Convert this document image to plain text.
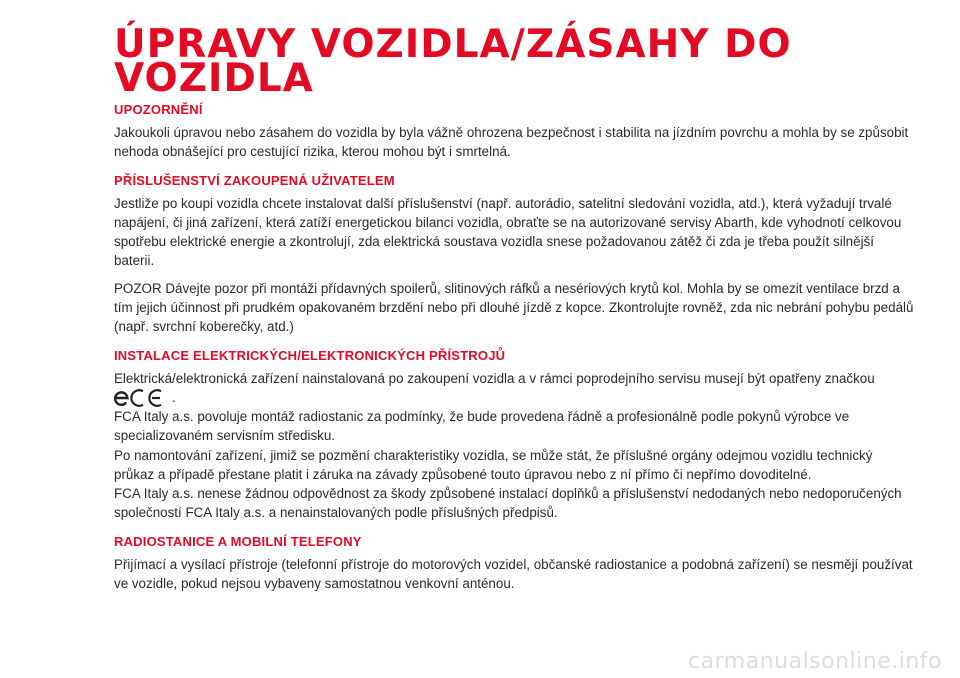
ÚPRAVY VOZIDLA/ZÁSAHY DO VOZIDLA
UPOZORNĚNÍ

Jakoukoli úpravou nebo zásahem do vozidla by byla vážně ohrozena bezpečnost i stabilita na jízdním povrchu a mohla by se způsobit nehoda obnášející pro cestující rizika, kterou mohou být i smrtelná.

PŘÍSLUŠENSTVÍ ZAKOUPENÁ UŽIVATELEM

Jestliže po koupi vozidla chcete instalovat další příslušenství (např. autorádio, satelitní sledování vozidla, atd.), která vyžadují trvalé napájení, či jiná zařízení, která zatíží energetickou bilanci vozidla, obraťte se na autorizované servisy Abarth, kde vyhodnotí celkovou spotřebu elektrické energie a zkontrolují, zda elektrická soustava vozidla snese požadovanou zátěž či zda je třeba použít silnější baterii.

POZOR Dávejte pozor při montáži přídavných spoilerů, slitinových ráfků a nesériových krytů kol. Mohla by se omezit ventilace brzd a tím jejich účinnost při prudkém opakovaném brzdění nebo při dlouhé jízdě z kopce. Zkontrolujte rovněž, zda nic nebrání pohybu pedálů (např. svrchní koberečky, atd.)

INSTALACE ELEKTRICKÝCH/ELEKTRONICKÝCH PŘÍSTROJŮ

Elektrická/elektronická zařízení nainstalovaná po zakoupení vozidla a v rámci poprodejního servisu musejí být opatřeny značkou

.

FCA Italy a.s. povoluje montáž radiostanic za podmínky, že bude provedena řádně a profesionálně podle pokynů výrobce ve specializovaném servisním středisku.

Po namontování zařízení, jimiž se pozmění charakteristiky vozidla, se může stát, že příslušné orgány odejmou vozidlu technický průkaz a případě přestane platit i záruka na závady způsobené touto úpravou nebo z ní přímo či nepřímo dovoditelné.

FCA Italy a.s. nenese žádnou odpovědnost za škody způsobené instalací doplňků a příslušenství nedodaných nebo nedoporučených společností FCA Italy a.s. a nenainstalovaných podle příslušných předpisů.

RADIOSTANICE A MOBILNÍ TELEFONY

Přijímací a vysílací přístroje (telefonní přístroje do motorových vozidel, občanské radiostanice a podobná zařízení) se nesmějí používat ve vozidle, pokud nejsou vybaveny samostatnou venkovní anténou.

carmanualsonline.info
